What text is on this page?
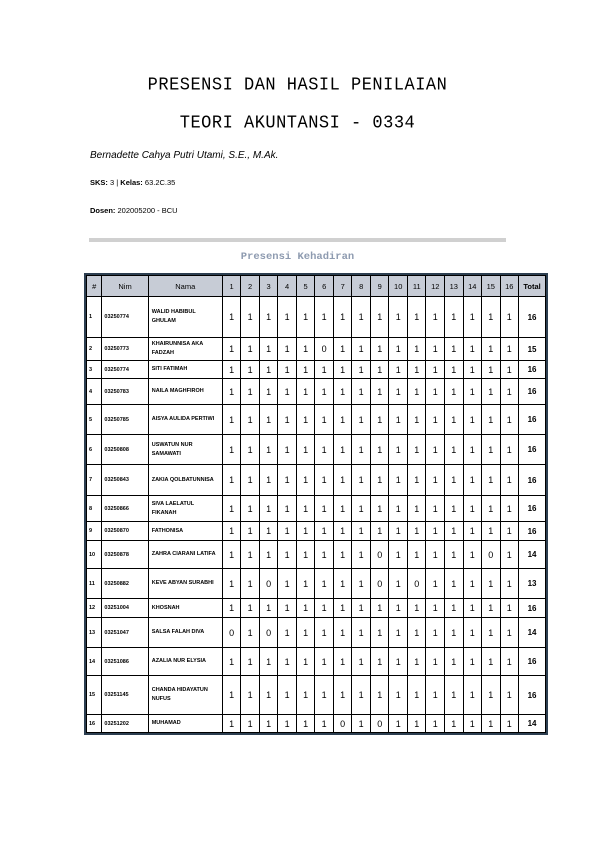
PRESENSI DAN HASIL PENILAIAN
TEORI AKUNTANSI - 0334
Bernadette Cahya Putri Utami, S.E., M.Ak.
SKS: 3 | Kelas: 63.2C.35
Dosen: 202005200 - BCU
Presensi Kehadiran
#	Nim	Nama	1	2	3	4	5	6	7	8	9	10	11	12	13	14	15	16	Total
1	03250774	WALID HABIBUL GHULAM	1	1	1	1	1	1	1	1	1	1	1	1	1	1	1	1	16
2	03250773	KHAIRUNNISA AKA FADZAH	1	1	1	1	1	0	1	1	1	1	1	1	1	1	1	1	15
3	03250774	SITI FATIMAH	1	1	1	1	1	1	1	1	1	1	1	1	1	1	1	1	16
4	03250783	NAILA MAGHFIROH	1	1	1	1	1	1	1	1	1	1	1	1	1	1	1	1	16
5	03250785	AISYA AULIDA PERTIWI	1	1	1	1	1	1	1	1	1	1	1	1	1	1	1	1	16
6	03250808	USWATUN NUR SAMAWATI	1	1	1	1	1	1	1	1	1	1	1	1	1	1	1	1	16
7	03250843	ZAKIA QOLBATUNNISA	1	1	1	1	1	1	1	1	1	1	1	1	1	1	1	1	16
8	03250866	SIVA LAELATUL FIKANAH	1	1	1	1	1	1	1	1	1	1	1	1	1	1	1	1	16
9	03250870	FATHONISA	1	1	1	1	1	1	1	1	1	1	1	1	1	1	1	1	16
10	03250878	ZAHRA CIARANI LATIFA	1	1	1	1	1	1	1	1	0	1	1	1	1	1	0	1	14
11	03250882	KEVE ABYAN SURABHI	1	1	0	1	1	1	1	1	0	1	0	1	1	1	1	1	13
12	03251004	KHOSNAH	1	1	1	1	1	1	1	1	1	1	1	1	1	1	1	1	16
13	03251047	SALSA FALAH DIVA	0	1	0	1	1	1	1	1	1	1	1	1	1	1	1	1	14
14	03251086	AZALIA NUR ELYSIA	1	1	1	1	1	1	1	1	1	1	1	1	1	1	1	1	16
15	03251145	CHANDA HIDAYATUN NUFUS	1	1	1	1	1	1	1	1	1	1	1	1	1	1	1	1	16
16	03251202	MUHAMAD	1	1	1	1	1	1	0	1	0	1	1	1	1	1	1	1	14
